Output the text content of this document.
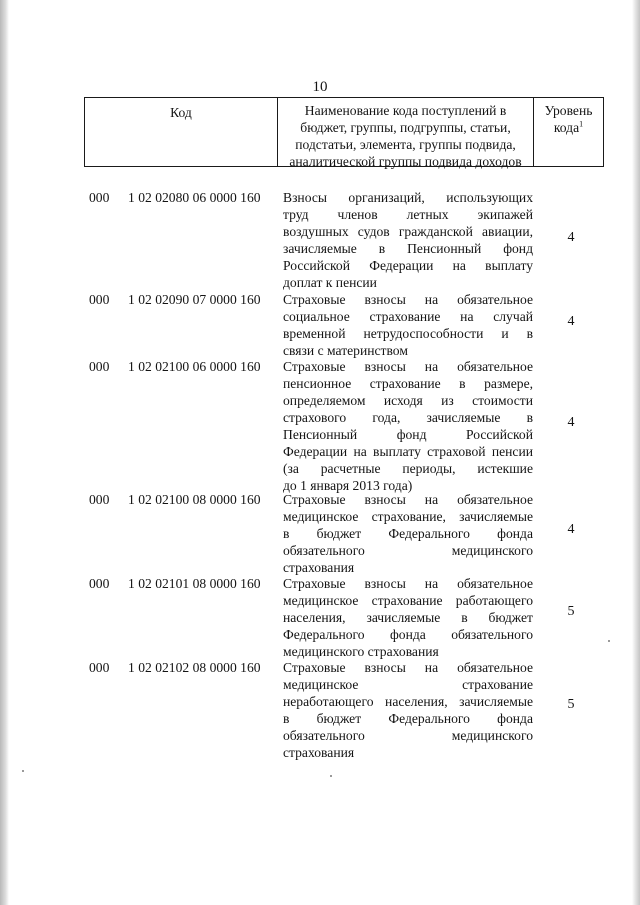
10
Код	Наименование кода поступлений в
бюджет, группы, подгруппы, статьи,
подстатьи, элемента, группы подвида,
аналитической группы подвида доходов
Уровень
кода$^1$
000	1 02 02080 06 0000 160	Взносы организаций, использующих
труд членов летных экипажей
воздушных судов гражданской авиации,
зачисляемые в Пенсионный фонд
Российской Федерации на выплату
доплат к пенсии
4
000	1 02 02090 07 0000 160	Страховые взносы на обязательное
социальное страхование на случай
временной нетрудоспособности и в
связи с материнством
4
000	1 02 02100 06 0000 160	Страховые взносы на обязательное
пенсионное страхование в размере,
определяемом исходя из стоимости
страхового года, зачисляемые в
Пенсионный фонд Российской
Федерации на выплату страховой пенсии
(за расчетные периоды, истекшие
до 1 января 2013 года)
4
000	1 02 02100 08 0000 160	Страховые взносы на обязательное
медицинское страхование, зачисляемые
в бюджет Федерального фонда
обязательного медицинского
страхования
4
000	1 02 02101 08 0000 160	Страховые взносы на обязательное
медицинское страхование работающего
населения, зачисляемые в бюджет
Федерального фонда обязательного
медицинского страхования
5
000	1 02 02102 08 0000 160	Страховые взносы на обязательное
медицинское страхование
неработающего населения, зачисляемые
в бюджет Федерального фонда
обязательного медицинского
страхования
5
